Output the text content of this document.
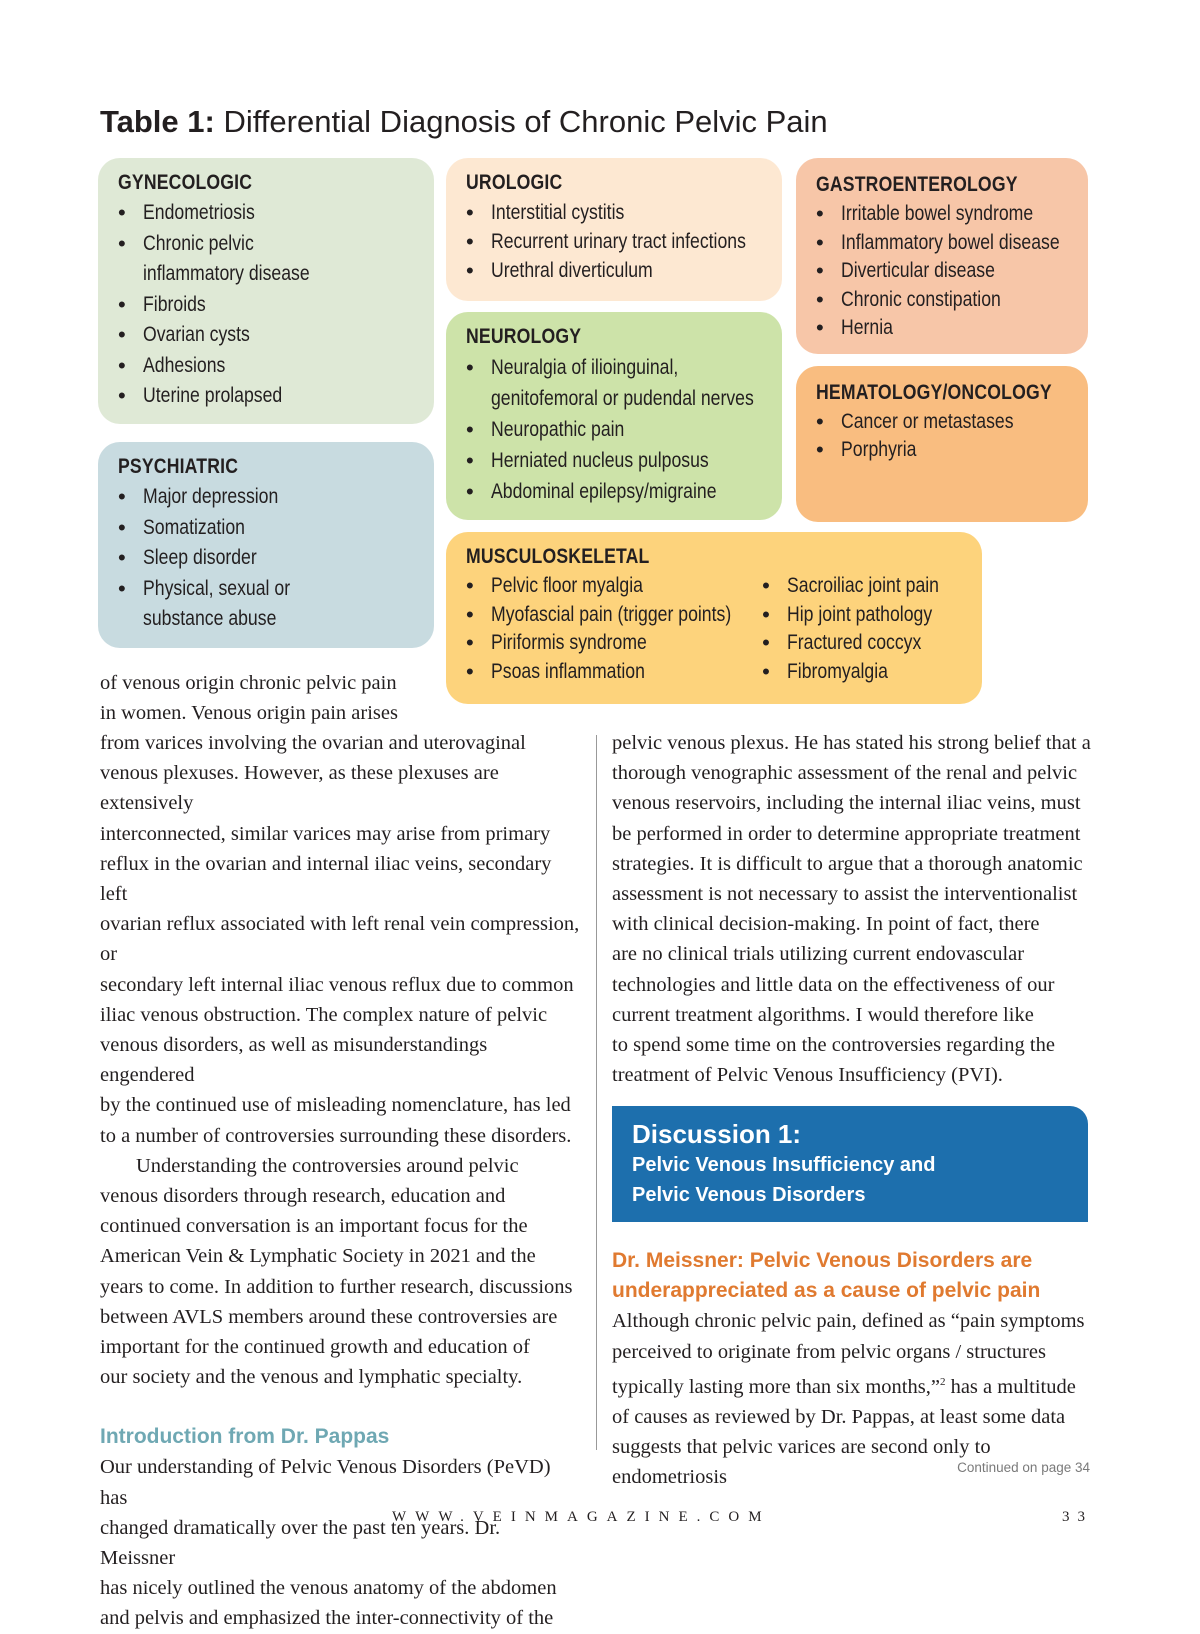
Table 1: Differential Diagnosis of Chronic Pelvic Pain
GYNECOLOGIC
• Endometriosis
• Chronic pelvic
inflammatory disease
• Fibroids
• Ovarian cysts
• Adhesions
• Uterine prolapsed
UROLOGIC
• Interstitial cystitis
• Recurrent urinary tract infections
• Urethral diverticulum
GASTROENTEROLOGY
• Irritable bowel syndrome
• Inflammatory bowel disease
• Diverticular disease
• Chronic constipation
• Hernia
NEUROLOGY
• Neuralgia of ilioinguinal,
genitofemoral or pudendal nerves
• Neuropathic pain
• Herniated nucleus pulposus
• Abdominal epilepsy/migraine
HEMATOLOGY/ONCOLOGY
• Cancer or metastases
• Porphyria
PSYCHIATRIC
• Major depression
• Somatization
• Sleep disorder
• Physical, sexual or
substance abuse
MUSCULOSKELETAL
• Pelvic floor myalgia
• Myofascial pain (trigger points)
• Piriformis syndrome
• Psoas inflammation
• Sacroiliac joint pain
• Hip joint pathology
• Fractured coccyx
• Fibromyalgia

of venous origin chronic pelvic pain
in women. Venous origin pain arises

from varices involving the ovarian and uterovaginal
venous plexuses. However, as these plexuses are extensively
interconnected, similar varices may arise from primary
reflux in the ovarian and internal iliac veins, secondary left
ovarian reflux associated with left renal vein compression, or
secondary left internal iliac venous reflux due to common
iliac venous obstruction. The complex nature of pelvic
venous disorders, as well as misunderstandings engendered
by the continued use of misleading nomenclature, has led
to a number of controversies surrounding these disorders.

Understanding the controversies around pelvic
venous disorders through research, education and
continued conversation is an important focus for the
American Vein & Lymphatic Society in 2021 and the
years to come. In addition to further research, discussions
between AVLS members around these controversies are
important for the continued growth and education of
our society and the venous and lymphatic specialty.

Introduction from Dr. Pappas

Our understanding of Pelvic Venous Disorders (PeVD) has
changed dramatically over the past ten years. Dr. Meissner
has nicely outlined the venous anatomy of the abdomen
and pelvis and emphasized the inter-connectivity of the

pelvic venous plexus. He has stated his strong belief that a
thorough venographic assessment of the renal and pelvic
venous reservoirs, including the internal iliac veins, must
be performed in order to determine appropriate treatment
strategies. It is difficult to argue that a thorough anatomic
assessment is not necessary to assist the interventionalist
with clinical decision-making. In point of fact, there
are no clinical trials utilizing current endovascular
technologies and little data on the effectiveness of our
current treatment algorithms. I would therefore like
to spend some time on the controversies regarding the
treatment of Pelvic Venous Insufficiency (PVI).

Dr. Meissner: Pelvic Venous Disorders are
underappreciated as a cause of pelvic pain

Although chronic pelvic pain, defined as “pain symptoms
perceived to originate from pelvic organs / structures
typically lasting more than six months,”$^2$ has a multitude
of causes as reviewed by Dr. Pappas, at least some data
suggests that pelvic varices are second only to endometriosis

Discussion 1:
Pelvic Venous Insufficiency and
Pelvic Venous Disorders
Continued on page 34
WWW.VEINMAGAZINE.COM	33
